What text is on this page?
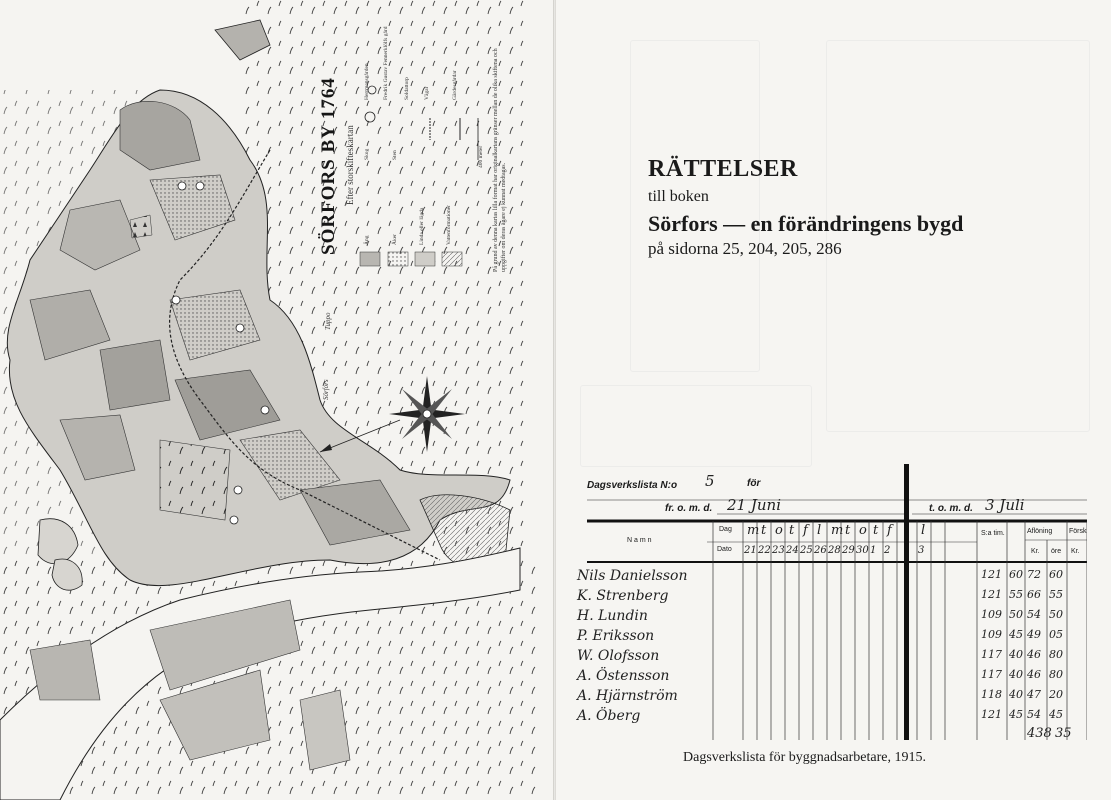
SÖRFORS BY 1764 Efter storskifteskartan
Äng
Skog
Åker
Sten
Linda eller lägda	Vattenformationer
Herrmansgården Fredrik Gustav Fennerklölfs gård	Soldattorp	Vägar	Gärdesgårdar
400 meter På grund av denna kartas lilla format har originalkartans gränser mellan de olika skiftena och uppgifter om deras ägare ej kunnat medtagas.
Sörfors
Tuppo
RÄTTELSER
till boken
Sörfors — en förändringens bygd
på sidorna 25, 204, 205, 286
Dagsverkslista N:o 5	för
fr. o. m. d. 21 Juni	t. o. m. d. 3 Juli
N a m n
Dag
Dato
S:a tim.	Aflöning Försk
Kr. öre Kr.
m t o t f l m t o t f l
21 22 23 24 25 26 28 29 30 1 2	3
Nils Danielsson	121 60 72 60
K. Strenberg	121 55 66 55
H. Lundin	109 50 54 50
P. Eriksson	109 45 49 05
W. Olofsson	117 40 46 80
A. Östensson	117 40 46 80
A. Hjärnström	118 40 47 20
A. Öberg	121 45 54 45
438 35
Dagsverkslista för byggnadsarbetare, 1915.
